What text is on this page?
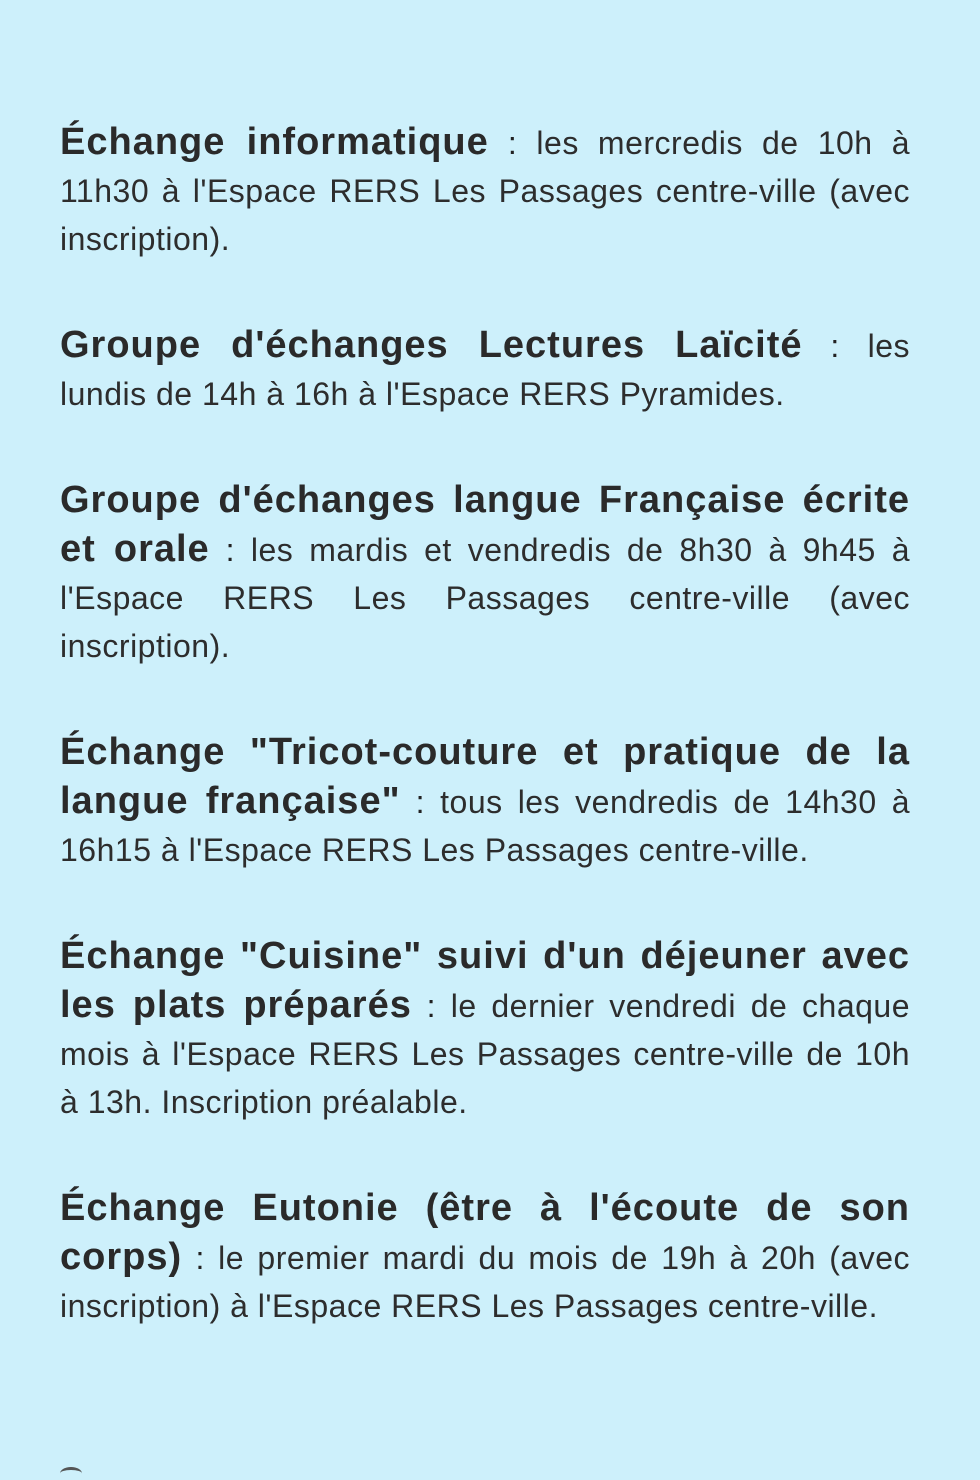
Échange informatique : les mercredis de 10h à 11h30 à l'Espace RERS Les Passages centre-ville (avec inscription).

Groupe d'échanges Lectures Laïcité : les lundis de 14h à 16h à l'Espace RERS Pyramides.

Groupe d'échanges langue Française écrite et orale : les mardis et vendredis de 8h30 à 9h45 à l'Espace RERS Les Passages centre-ville (avec inscription).

Échange "Tricot-couture et pratique de la langue française" : tous les vendredis de 14h30 à 16h15 à l'Espace RERS Les Passages centre-ville.

Échange "Cuisine" suivi d'un déjeuner avec les plats préparés : le dernier vendredi de chaque mois à l'Espace RERS Les Passages centre-ville de 10h à 13h. Inscription préalable.

Échange Eutonie (être à l'écoute de son corps) : le premier mardi du mois de 19h à 20h (avec inscription) à l'Espace RERS Les Passages centre-ville.
